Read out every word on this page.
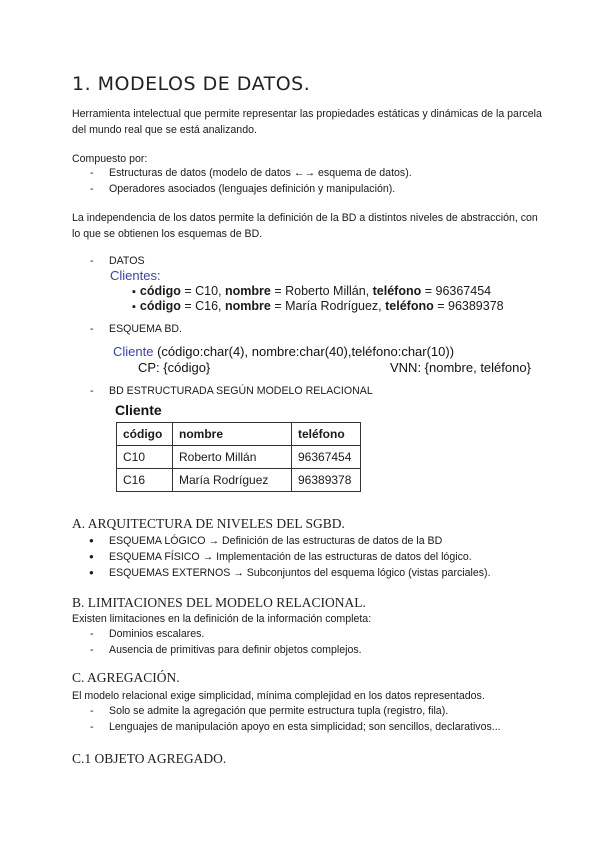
1. MODELOS DE DATOS.
Herramienta intelectual que permite representar las propiedades estáticas y dinámicas de la parcela del mundo real que se está analizando.
Compuesto por:
- Estructuras de datos (modelo de datos ←→ esquema de datos).
- Operadores asociados (lenguajes definición y manipulación).
La independencia de los datos permite la definición de la BD a distintos niveles de abstracción, con lo que se obtienen los esquemas de BD.
- DATOS
Clientes:
▪ código = C10, nombre = Roberto Millán, teléfono = 96367454
▪ código = C16, nombre = María Rodríguez, teléfono = 96389378
- ESQUEMA BD.
Cliente (código:char(4), nombre:char(40),teléfono:char(10))
CP: {código}	VNN: {nombre, teléfono}
- BD ESTRUCTURADA SEGÚN MODELO RELACIONAL
Cliente
código	nombre	teléfono
C10	Roberto Millán	96367454
C16	María Rodríguez	96389378
A. ARQUITECTURA DE NIVELES DEL SGBD.
● ESQUEMA LÓGICO → Definición de las estructuras de datos de la BD
● ESQUEMA FÍSICO → Implementación de las estructuras de datos del lógico.
● ESQUEMAS EXTERNOS → Subconjuntos del esquema lógico (vistas parciales).
B. LIMITACIONES DEL MODELO RELACIONAL.
Existen limitaciones en la definición de la información completa:
- Dominios escalares.
- Ausencia de primitivas para definir objetos complejos.
C. AGREGACIÓN.
El modelo relacional exige simplicidad, mínima complejidad en los datos representados.
- Solo se admite la agregación que permite estructura tupla (registro, fila).
- Lenguajes de manipulación apoyo en esta simplicidad; son sencillos, declarativos...
C.1 OBJETO AGREGADO.
